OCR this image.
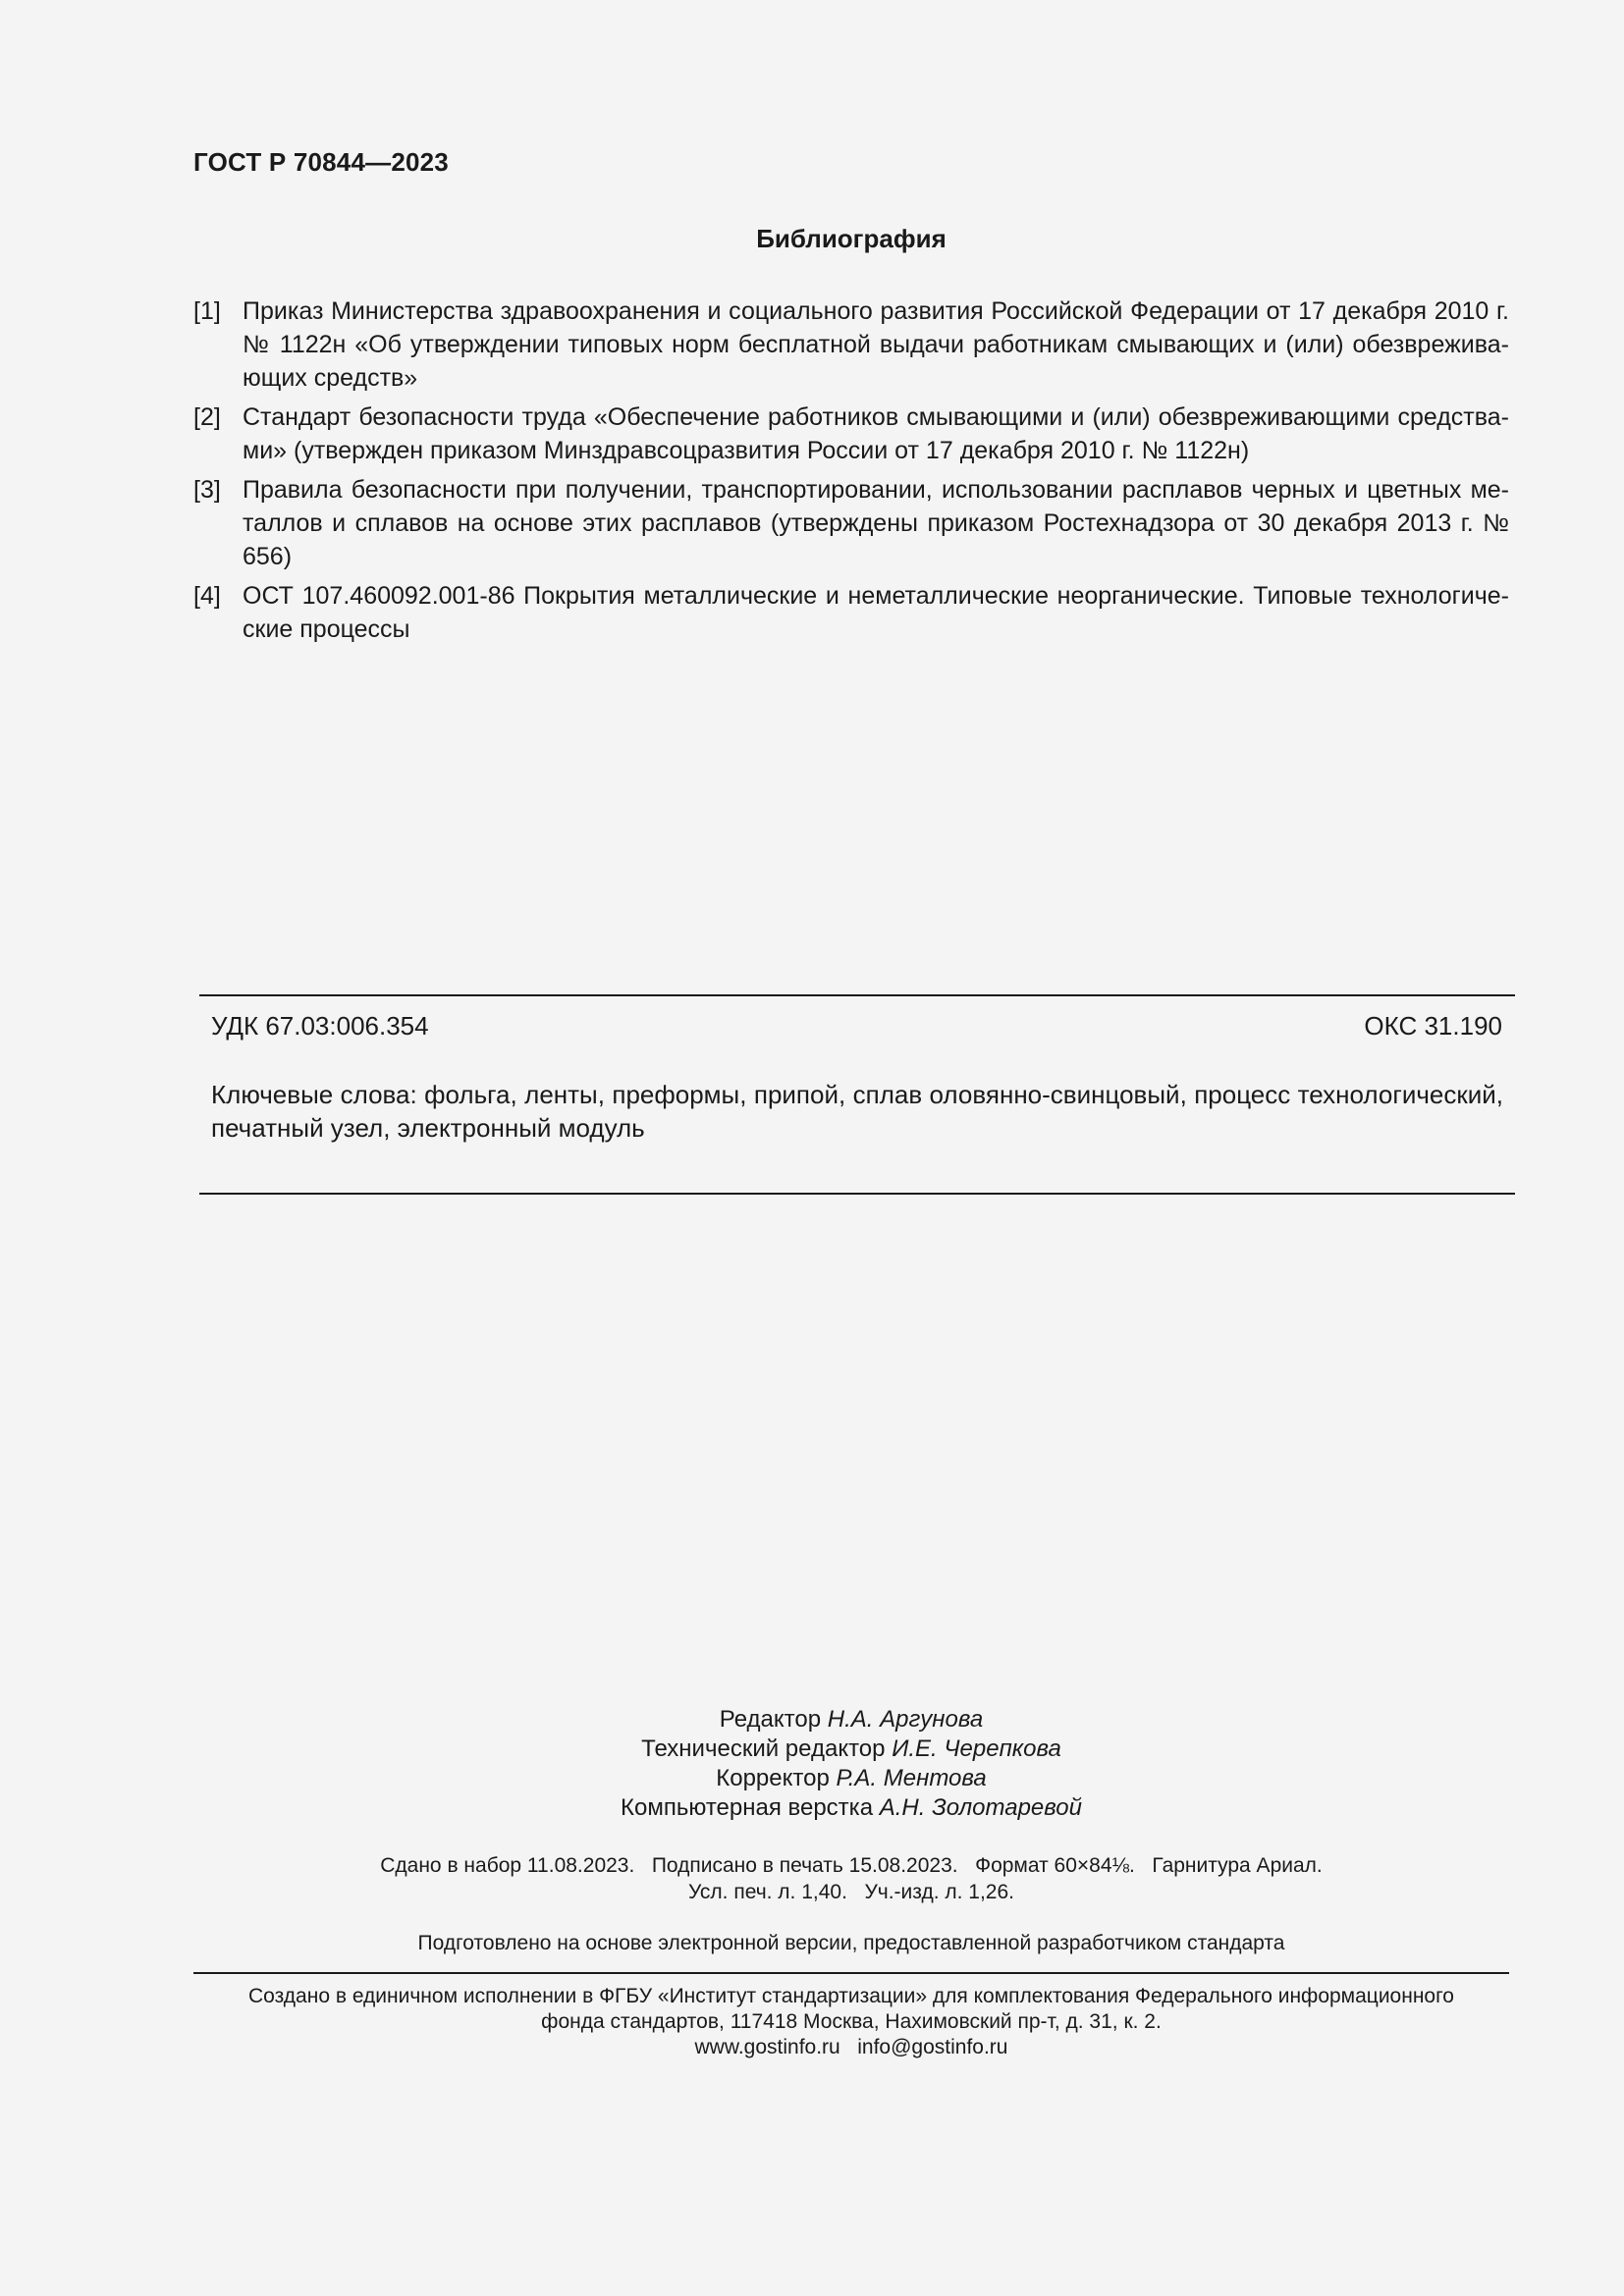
ГОСТ Р 70844—2023
Библиография
[1] Приказ Министерства здравоохранения и социального развития Российской Федерации от 17 декабря 2010 г. № 1122н «Об утверждении типовых норм бесплатной выдачи работникам смывающих и (или) обезвреживающих средств»
[2] Стандарт безопасности труда «Обеспечение работников смывающими и (или) обезвреживающими средствами» (утвержден приказом Минздравсоцразвития России от 17 декабря 2010 г. № 1122н)
[3] Правила безопасности при получении, транспортировании, использовании расплавов черных и цветных металлов и сплавов на основе этих расплавов (утверждены приказом Ростехнадзора от 30 декабря 2013 г. № 656)
[4] ОСТ 107.460092.001-86 Покрытия металлические и неметаллические неорганические. Типовые технологические процессы
УДК 67.03:006.354	ОКС 31.190
Ключевые слова: фольга, ленты, преформы, припой, сплав оловянно-свинцовый, процесс технологический, печатный узел, электронный модуль
Редактор Н.А. Аргунова
Технический редактор И.Е. Черепкова
Корректор Р.А. Ментова
Компьютерная верстка А.Н. Золотаревой
Сдано в набор 11.08.2023.   Подписано в печать 15.08.2023.   Формат 60×84⅛.   Гарнитура Ариал.
Усл. печ. л. 1,40.   Уч.-изд. л. 1,26.
Подготовлено на основе электронной версии, предоставленной разработчиком стандарта
Создано в единичном исполнении в ФГБУ «Институт стандартизации» для комплектования Федерального информационного
фонда стандартов, 117418 Москва, Нахимовский пр-т, д. 31, к. 2.
www.gostinfo.ru info@gostinfo.ru
